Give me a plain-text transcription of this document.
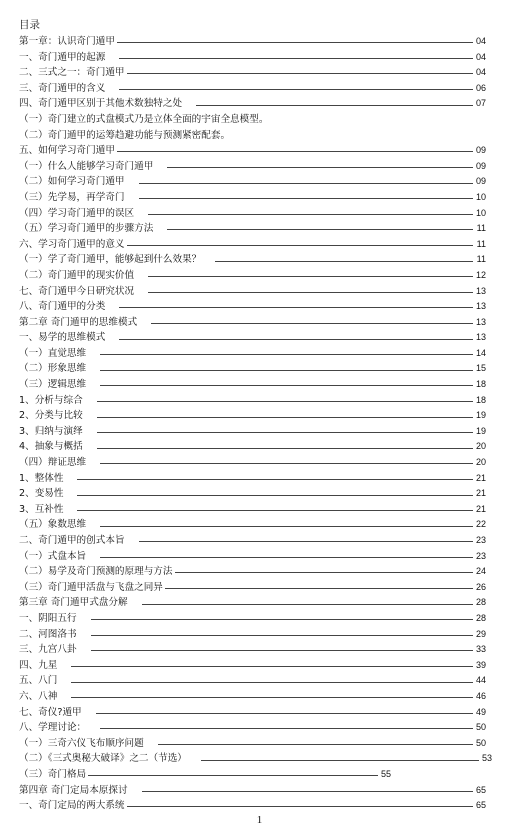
目录
第一章：认识奇门遁甲	04
一、奇门遁甲的起源	04
二、三式之一：奇门遁甲	04
三、奇门遁甲的含义	06
四、奇门遁甲区别于其他术数独特之处	07
（一）奇门建立的式盘模式乃是立体全面的宇宙全息模型。
（二）奇门遁甲的运筹趋避功能与预测紧密配套。
五、如何学习奇门遁甲	09
（一）什么人能够学习奇门遁甲	09
（二）如何学习奇门遁甲	09
（三）先学易，再学奇门	10
（四）学习奇门遁甲的误区	10
（五）学习奇门遁甲的步骤方法	11
六、学习奇门遁甲的意义	11
（一）学了奇门遁甲，能够起到什么效果？	11
（二）奇门遁甲的现实价值	12
七、奇门遁甲今日研究状况	13
八、奇门遁甲的分类	13
第二章 奇门遁甲的思维模式	13
一、易学的思维模式	13
（一）直觉思维	14
（二）形象思维	15
（三）逻辑思维	18
1、分析与综合	18
2、分类与比较	19
3、归纳与演绎	19
4、抽象与概括	20
（四）辩证思维	20
1、整体性	21
2、变易性	21
3、互补性	21
（五）象数思维	22
二、奇门遁甲的创式本旨	23
（一）式盘本旨	23
（二）易学及奇门预测的原理与方法	24
（三）奇门遁甲活盘与飞盘之同异	26
第三章 奇门遁甲式盘分解	28
一、阴阳五行	28
二、河图洛书	29
三、九宫八卦	33
四、九星	39
五、八门	44
六、八神	46
七、奇仪?遁甲	49
八、学理讨论：	50
（一）三奇六仪飞布顺序问题	50
（二）《三式奥秘大破译》之二（节选）	53
（三）奇门格局	55
第四章 奇门定局本原探讨	65
一、奇门定局的两大系统	65
1
